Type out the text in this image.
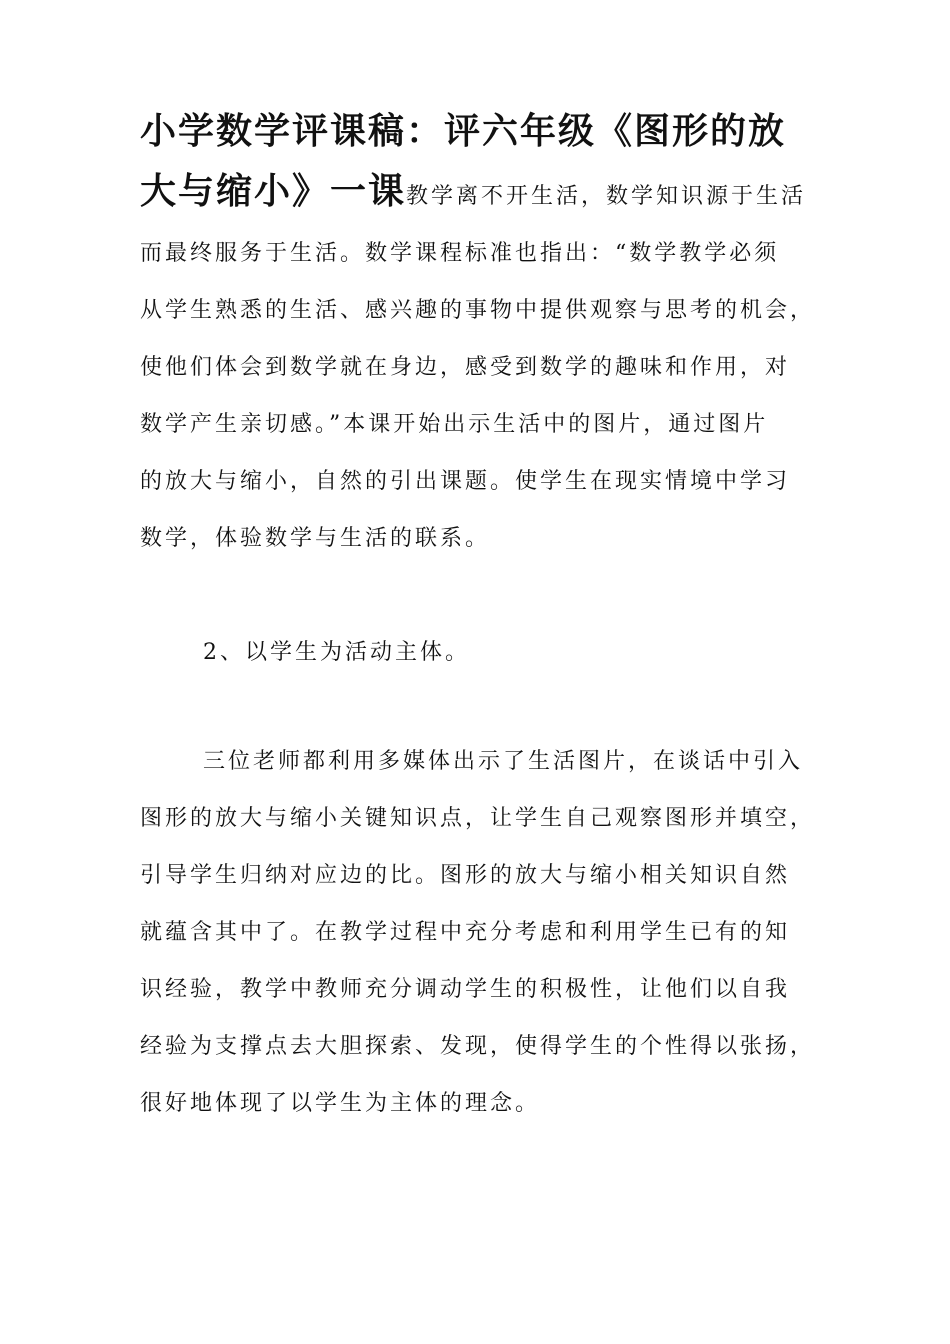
小学数学评课稿：评六年级《图形的放
大与缩小》一课教学离不开生活，数学知识源于生活
而最终服务于生活。数学课程标准也指出：“数学教学必须
从学生熟悉的生活、感兴趣的事物中提供观察与思考的机会，
使他们体会到数学就在身边，感受到数学的趣味和作用，对
数学产生亲切感。”本课开始出示生活中的图片，通过图片
的放大与缩小，自然的引出课题。使学生在现实情境中学习
数学，体验数学与生活的联系。
2、以学生为活动主体。
三位老师都利用多媒体出示了生活图片，在谈话中引入
图形的放大与缩小关键知识点，让学生自己观察图形并填空，
引导学生归纳对应边的比。图形的放大与缩小相关知识自然
就蕴含其中了。在教学过程中充分考虑和利用学生已有的知
识经验，教学中教师充分调动学生的积极性，让他们以自我
经验为支撑点去大胆探索、发现，使得学生的个性得以张扬，
很好地体现了以学生为主体的理念。
